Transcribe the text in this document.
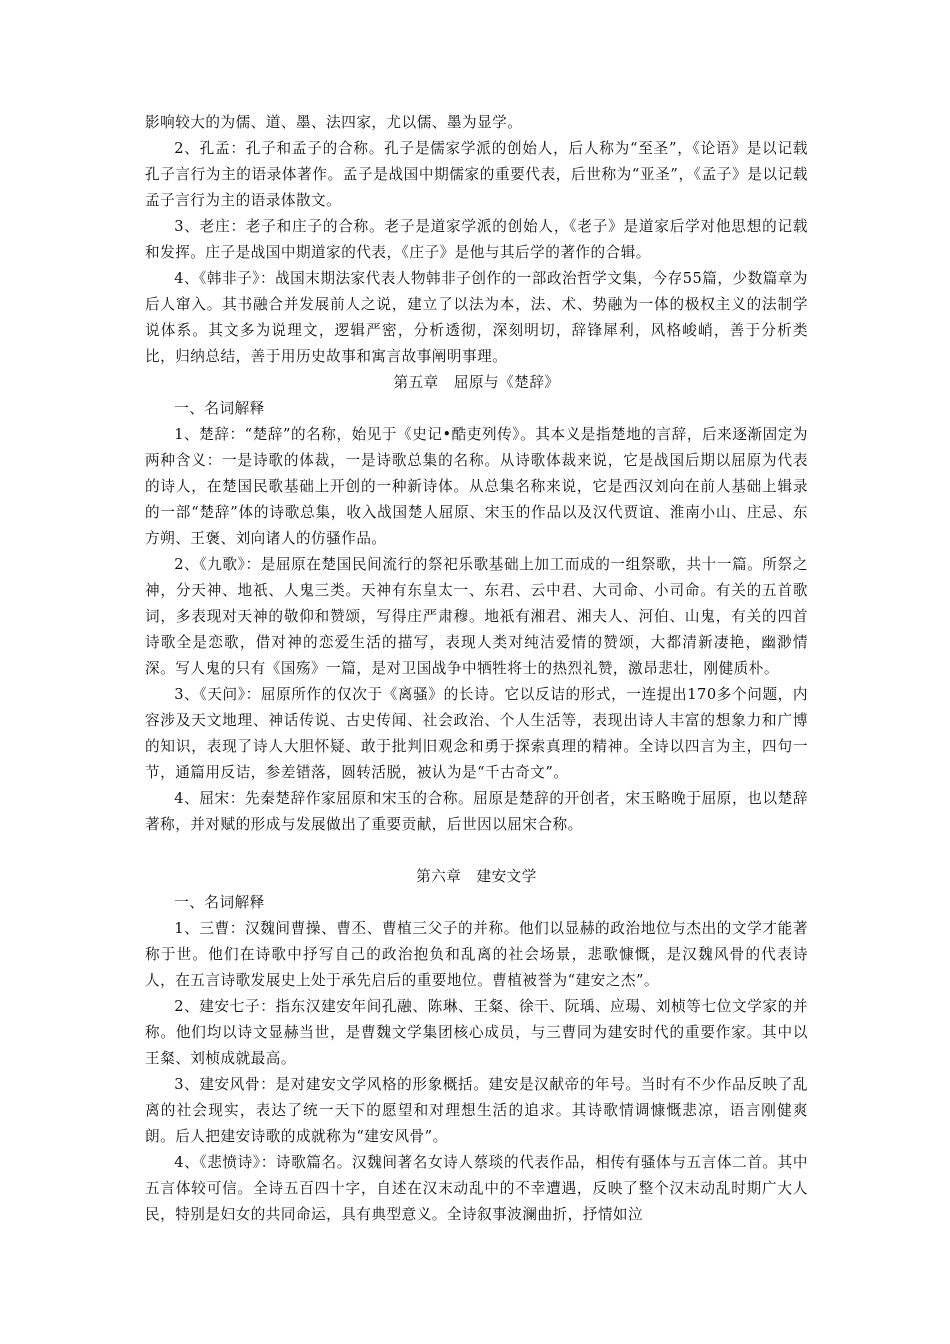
影响较大的为儒、道、墨、法四家，尤以儒、墨为显学。

2、孔孟：孔子和孟子的合称。孔子是儒家学派的创始人，后人称为“至圣”，《论语》是以记载孔子言行为主的语录体著作。孟子是战国中期儒家的重要代表，后世称为“亚圣”，《孟子》是以记载孟子言行为主的语录体散文。

3、老庄：老子和庄子的合称。老子是道家学派的创始人，《老子》是道家后学对他思想的记载和发挥。庄子是战国中期道家的代表，《庄子》是他与其后学的著作的合辑。

4、《韩非子》：战国末期法家代表人物韩非子创作的一部政治哲学文集，今存55篇，少数篇章为后人窜入。其书融合并发展前人之说，建立了以法为本，法、术、势融为一体的极权主义的法制学说体系。其文多为说理文，逻辑严密，分析透彻，深刻明切，辞锋犀利，风格峻峭，善于分析类比，归纳总结，善于用历史故事和寓言故事阐明事理。

第五章　屈原与《楚辞》

一、名词解释

1、楚辞：“楚辞”的名称，始见于《史记•酷吏列传》。其本义是指楚地的言辞，后来逐渐固定为两种含义：一是诗歌的体裁，一是诗歌总集的名称。从诗歌体裁来说，它是战国后期以屈原为代表的诗人，在楚国民歌基础上开创的一种新诗体。从总集名称来说，它是西汉刘向在前人基础上辑录的一部“楚辞”体的诗歌总集，收入战国楚人屈原、宋玉的作品以及汉代贾谊、淮南小山、庄忌、东方朔、王褒、刘向诸人的仿骚作品。

2、《九歌》：是屈原在楚国民间流行的祭祀乐歌基础上加工而成的一组祭歌，共十一篇。所祭之神，分天神、地祇、人鬼三类。天神有东皇太一、东君、云中君、大司命、小司命。有关的五首歌词，多表现对天神的敬仰和赞颂，写得庄严肃穆。地祇有湘君、湘夫人、河伯、山鬼，有关的四首诗歌全是恋歌，借对神的恋爱生活的描写，表现人类对纯洁爱情的赞颂，大都清新凄艳，幽渺情深。写人鬼的只有《国殇》一篇，是对卫国战争中牺牲将士的热烈礼赞，激昂悲壮，刚健质朴。

3、《天问》：屈原所作的仅次于《离骚》的长诗。它以反诘的形式，一连提出170多个问题，内容涉及天文地理、神话传说、古史传闻、社会政治、个人生活等，表现出诗人丰富的想象力和广博的知识，表现了诗人大胆怀疑、敢于批判旧观念和勇于探索真理的精神。全诗以四言为主，四句一节，通篇用反诘，参差错落，圆转活脱，被认为是“千古奇文”。

4、屈宋：先秦楚辞作家屈原和宋玉的合称。屈原是楚辞的开创者，宋玉略晚于屈原，也以楚辞著称，并对赋的形成与发展做出了重要贡献，后世因以屈宋合称。

第六章　建安文学

一、名词解释

1、三曹：汉魏间曹操、曹丕、曹植三父子的并称。他们以显赫的政治地位与杰出的文学才能著称于世。他们在诗歌中抒写自己的政治抱负和乱离的社会场景，悲歌慷慨，是汉魏风骨的代表诗人，在五言诗歌发展史上处于承先启后的重要地位。曹植被誉为“建安之杰”。

2、建安七子：指东汉建安年间孔融、陈琳、王粲、徐干、阮瑀、应瑒、刘桢等七位文学家的并称。他们均以诗文显赫当世，是曹魏文学集团核心成员，与三曹同为建安时代的重要作家。其中以王粲、刘桢成就最高。

3、建安风骨：是对建安文学风格的形象概括。建安是汉献帝的年号。当时有不少作品反映了乱离的社会现实，表达了统一天下的愿望和对理想生活的追求。其诗歌情调慷慨悲凉，语言刚健爽朗。后人把建安诗歌的成就称为“建安风骨”。

4、《悲愤诗》：诗歌篇名。汉魏间著名女诗人蔡琰的代表作品，相传有骚体与五言体二首。其中五言体较可信。全诗五百四十字，自述在汉末动乱中的不幸遭遇，反映了整个汉末动乱时期广大人民，特别是妇女的共同命运，具有典型意义。全诗叙事波澜曲折，抒情如泣
